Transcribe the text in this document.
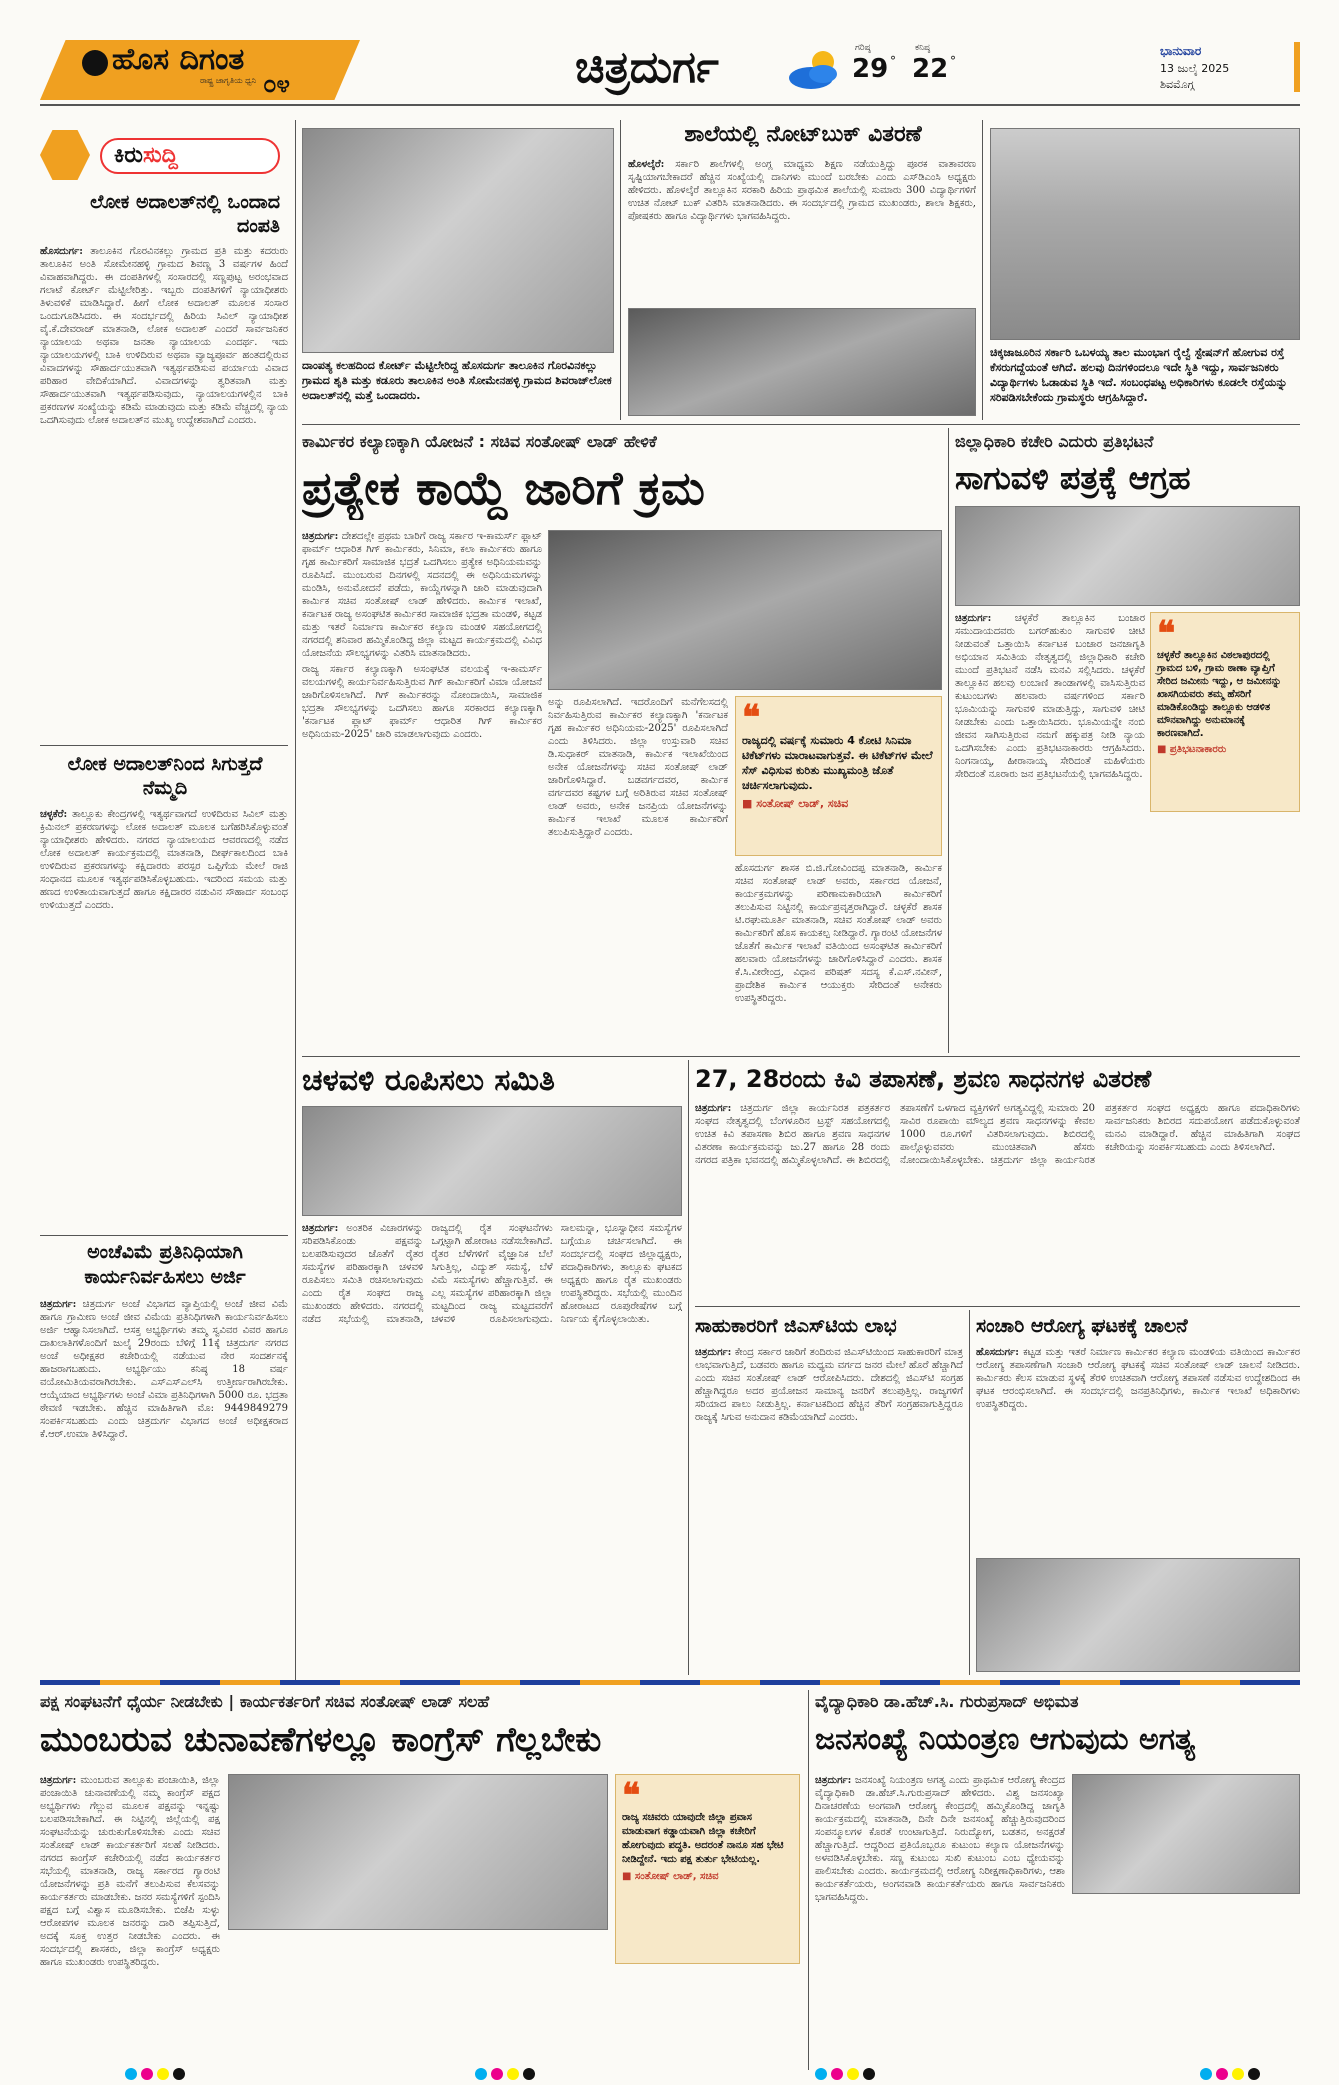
ಹೊಸ ದಿಗಂತ
ರಾಷ್ಟ್ರ ಜಾಗೃತಿಯ ಧ್ವನಿ ೦೪	ಚಿತ್ರದುರ್ಗ	ಗರಿಷ್ಠ
29 °
ಕನಿಷ್ಠ
22 °
ಭಾನುವಾರ
13 ಜುಲೈ 2025
ಶಿವಮೊಗ್ಗ
ಕಿರುಸುದ್ದಿ
ಲೋಕ ಅದಾಲತ್‌ನಲ್ಲಿ ಒಂದಾದ ದಂಪತಿ
ಹೊಸದುರ್ಗ: ತಾಲೂಕಿನ ಗೊರವಿನಕಲ್ಲು ಗ್ರಾಮದ ಪ್ರತಿ ಮತ್ತು ಕದರುರು ತಾಲೂಕಿನ ಅಂತಿ ಸೋಮೇನಹಳ್ಳಿ ಗ್ರಾಮದ ಶಿವಣ್ಣ 3 ವರ್ಷಗಳ ಹಿಂದೆ ವಿವಾಹವಾಗಿದ್ದರು. ಈ ದಂಪತಿಗಳಲ್ಲಿ ಸಂಸಾರದಲ್ಲಿ ಸಣ್ಣಪುಟ್ಟ ಅರಂಭವಾದ ಗಲಾಟೆ ಕೋರ್ಟ್ ಮೆಟ್ಟಿಲೇರಿತ್ತು. ಇಬ್ಬರು ದಂಪತಿಗಳಿಗೆ ನ್ಯಾಯಾಧೀಶರು ತಿಳುವಳಿಕೆ ಮಾಡಿಸಿದ್ದಾರೆ. ಹೀಗೆ ಲೋಕ ಅದಾಲತ್ ಮೂಲಕ ಸಂಸಾರ ಒಂದುಗೂಡಿಸಿದರು. ಈ ಸಂದರ್ಭದಲ್ಲಿ ಹಿರಿಯ ಸಿವಿಲ್ ನ್ಯಾಯಾಧೀಶ ವೈ.ಕೆ.ದೇವರಾಜ್ ಮಾತನಾಡಿ, ಲೋಕ ಅದಾಲತ್ ಎಂದರೆ ಸಾರ್ವಜನಿಕರ ನ್ಯಾಯಾಲಯ ಅಥವಾ ಜನತಾ ನ್ಯಾಯಾಲಯ ಎಂದರ್ಥ. ಇದು ನ್ಯಾಯಾಲಯಗಳಲ್ಲಿ ಬಾಕಿ ಉಳಿದಿರುವ ಅಥವಾ ವ್ಯಾಜ್ಯಪೂರ್ವ ಹಂತದಲ್ಲಿರುವ ವಿವಾದಗಳನ್ನು ಸೌಹಾರ್ದಯುತವಾಗಿ ಇತ್ಯರ್ಥಪಡಿಸುವ ಪರ್ಯಾಯ ವಿವಾದ ಪರಿಹಾರ ವೇದಿಕೆಯಾಗಿದೆ. ವಿವಾದಗಳನ್ನು ತ್ವರಿತವಾಗಿ ಮತ್ತು ಸೌಹಾರ್ದಯುತವಾಗಿ ಇತ್ಯರ್ಥಪಡಿಸುವುದು, ನ್ಯಾಯಾಲಯಗಳಲ್ಲಿನ ಬಾಕಿ ಪ್ರಕರಣಗಳ ಸಂಖ್ಯೆಯನ್ನು ಕಡಿಮೆ ಮಾಡುವುದು ಮತ್ತು ಕಡಿಮೆ ವೆಚ್ಚದಲ್ಲಿ ನ್ಯಾಯ ಒದಗಿಸುವುದು ಲೋಕ ಅದಾಲತ್‌ನ ಮುಖ್ಯ ಉದ್ದೇಶವಾಗಿದೆ ಎಂದರು.
ಲೋಕ ಅದಾಲತ್‌ನಿಂದ ಸಿಗುತ್ತದೆ ನೆಮ್ಮದಿ
ಚಳ್ಳಕೆರೆ: ತಾಲ್ಲೂಕು ಕೇಂದ್ರಗಳಲ್ಲಿ ಇತ್ಯರ್ಥವಾಗದೆ ಉಳಿದಿರುವ ಸಿವಿಲ್ ಮತ್ತು ಕ್ರಿಮಿನಲ್ ಪ್ರಕರಣಗಳನ್ನು ಲೋಕ ಅದಾಲತ್ ಮೂಲಕ ಬಗೆಹರಿಸಿಕೊಳ್ಳುವಂತೆ ನ್ಯಾಯಾಧೀಶರು ಹೇಳಿದರು. ನಗರದ ನ್ಯಾಯಾಲಯದ ಆವರಣದಲ್ಲಿ ನಡೆದ ಲೋಕ ಅದಾಲತ್ ಕಾರ್ಯಕ್ರಮದಲ್ಲಿ ಮಾತನಾಡಿ, ದೀರ್ಘಕಾಲದಿಂದ ಬಾಕಿ ಉಳಿದಿರುವ ಪ್ರಕರಣಗಳನ್ನು ಕಕ್ಷಿದಾರರು ಪರಸ್ಪರ ಒಪ್ಪಿಗೆಯ ಮೇಲೆ ರಾಜಿ ಸಂಧಾನದ ಮೂಲಕ ಇತ್ಯರ್ಥಪಡಿಸಿಕೊಳ್ಳಬಹುದು. ಇದರಿಂದ ಸಮಯ ಮತ್ತು ಹಣದ ಉಳಿತಾಯವಾಗುತ್ತದೆ ಹಾಗೂ ಕಕ್ಷಿದಾರರ ನಡುವಿನ ಸೌಹಾರ್ದ ಸಂಬಂಧ ಉಳಿಯುತ್ತದೆ ಎಂದರು.
ಅಂಚೆವಿಮೆ ಪ್ರತಿನಿಧಿಯಾಗಿ ಕಾರ್ಯನಿರ್ವಹಿಸಲು ಅರ್ಜಿ
ಚಿತ್ರದುರ್ಗ: ಚಿತ್ರದುರ್ಗ ಅಂಚೆ ವಿಭಾಗದ ವ್ಯಾಪ್ತಿಯಲ್ಲಿ ಅಂಚೆ ಜೀವ ವಿಮೆ ಹಾಗೂ ಗ್ರಾಮೀಣ ಅಂಚೆ ಜೀವ ವಿಮೆಯ ಪ್ರತಿನಿಧಿಗಳಾಗಿ ಕಾರ್ಯನಿರ್ವಹಿಸಲು ಅರ್ಜಿ ಆಹ್ವಾನಿಸಲಾಗಿದೆ. ಆಸಕ್ತ ಅಭ್ಯರ್ಥಿಗಳು ತಮ್ಮ ಸ್ವವಿವರ ವಿವರ ಹಾಗೂ ದಾಖಲಾತಿಗಳೊಂದಿಗೆ ಜುಲೈ 29ರಂದು ಬೆಳಿಗ್ಗೆ 11ಕ್ಕೆ ಚಿತ್ರದುರ್ಗ ನಗರದ ಅಂಚೆ ಅಧೀಕ್ಷಕರ ಕಚೇರಿಯಲ್ಲಿ ನಡೆಯುವ ನೇರ ಸಂದರ್ಶನಕ್ಕೆ ಹಾಜರಾಗಬಹುದು. ಅಭ್ಯರ್ಥಿಯು ಕನಿಷ್ಠ 18 ವರ್ಷ ವಯೋಮಿತಿಯವರಾಗಿರಬೇಕು. ಎಸ್‌ಎಸ್‌ಎಲ್‌ಸಿ ಉತ್ತೀರ್ಣರಾಗಿರಬೇಕು. ಆಯ್ಕೆಯಾದ ಅಭ್ಯರ್ಥಿಗಳು ಅಂಚೆ ವಿಮಾ ಪ್ರತಿನಿಧಿಗಳಾಗಿ 5000 ರೂ. ಭದ್ರತಾ ಠೇವಣಿ ಇಡಬೇಕು. ಹೆಚ್ಚಿನ ಮಾಹಿತಿಗಾಗಿ ಮೊ: 9449849279 ಸಂಪರ್ಕಿಸಬಹುದು ಎಂದು ಚಿತ್ರದುರ್ಗ ವಿಭಾಗದ ಅಂಚೆ ಅಧೀಕ್ಷಕರಾದ ಕೆ.ಆರ್.ಉಮಾ ತಿಳಿಸಿದ್ದಾರೆ.
ದಾಂಪತ್ಯ ಕಲಹದಿಂದ ಕೋರ್ಟ್ ಮೆಟ್ಟಿಲೇರಿದ್ದ ಹೊಸದುರ್ಗ ತಾಲೂಕಿನ ಗೊರವಿನಕಲ್ಲು ಗ್ರಾಮದ ಶೃತಿ ಮತ್ತು ಕಡೂರು ತಾಲೂಕಿನ ಅಂತಿ ಸೋಮೇನಹಳ್ಳಿ ಗ್ರಾಮದ ಶಿವರಾಜ್‌ಲೋಕ ಅದಾಲತ್‌ನಲ್ಲಿ ಮತ್ತೆ ಒಂದಾದರು.
ಶಾಲೆಯಲ್ಲಿ ನೋಟ್‌ಬುಕ್ ವಿತರಣೆ
ಹೊಳಲ್ಕೆರೆ: ಸರ್ಕಾರಿ ಶಾಲೆಗಳಲ್ಲಿ ಅಂಗ್ಲ ಮಾಧ್ಯಮ ಶಿಕ್ಷಣ ನಡೆಯುತ್ತಿದ್ದು ಪೂರಕ ವಾತಾವರಣ ಸೃಷ್ಟಿಯಾಗಬೇಕಾದರೆ ಹೆಚ್ಚಿನ ಸಂಖ್ಯೆಯಲ್ಲಿ ದಾನಿಗಳು ಮುಂದೆ ಬರಬೇಕು ಎಂದು ಎಸ್‌ಡಿಎಂಸಿ ಅಧ್ಯಕ್ಷರು ಹೇಳಿದರು. ಹೊಳಲ್ಕೆರೆ ತಾಲ್ಲೂಕಿನ ಸರಕಾರಿ ಹಿರಿಯ ಪ್ರಾಥಮಿಕ ಶಾಲೆಯಲ್ಲಿ ಸುಮಾರು 300 ವಿದ್ಯಾರ್ಥಿಗಳಿಗೆ ಉಚಿತ ನೋಟ್ ಬುಕ್ ವಿತರಿಸಿ ಮಾತನಾಡಿದರು. ಈ ಸಂದರ್ಭದಲ್ಲಿ ಗ್ರಾಮದ ಮುಖಂಡರು, ಶಾಲಾ ಶಿಕ್ಷಕರು, ಪೋಷಕರು ಹಾಗೂ ವಿದ್ಯಾರ್ಥಿಗಳು ಭಾಗವಹಿಸಿದ್ದರು.
ಚಿಕ್ಕಜಾಜೂರಿನ ಸರ್ಕಾರಿ ಒಬಳಯ್ಯ ತಾಲ ಮುಂಭಾಗ ರೈಲ್ವೆ ಸ್ಟೇಷನ್‌ಗೆ ಹೋಗುವ ರಸ್ತೆ ಕೆಸರುಗದ್ದೆಯಂತೆ ಆಗಿದೆ. ಹಲವು ದಿನಗಳಿಂದಲೂ ಇದೇ ಸ್ಥಿತಿ ಇದ್ದು, ಸಾರ್ವಜನಿಕರು ವಿದ್ಯಾರ್ಥಿಗಳು ಓಡಾಡುವ ಸ್ಥಿತಿ ಇದೆ. ಸಂಬಂಧಪಟ್ಟ ಅಧಿಕಾರಿಗಳು ಕೂಡಲೇ ರಸ್ತೆಯನ್ನು ಸರಿಪಡಿಸಬೇಕೆಂದು ಗ್ರಾಮಸ್ಥರು ಆಗ್ರಹಿಸಿದ್ದಾರೆ.
ಕಾರ್ಮಿಕರ ಕಲ್ಯಾಣಕ್ಕಾಗಿ ಯೋಜನೆ : ಸಚಿವ ಸಂತೋಷ್ ಲಾಡ್ ಹೇಳಿಕೆ
ಪ್ರತ್ಯೇಕ ಕಾಯ್ದೆ ಜಾರಿಗೆ ಕ್ರಮ

ಚಿತ್ರದುರ್ಗ: ದೇಶದಲ್ಲೇ ಪ್ರಥಮ ಬಾರಿಗೆ ರಾಜ್ಯ ಸರ್ಕಾರ ಇ-ಕಾಮರ್ಸ್ ಫ್ಲಾಟ್ ಫಾರ್ಮ್ ಆಧಾರಿತ ಗಿಗ್ ಕಾರ್ಮಿಕರು, ಸಿನಿಮಾ, ಕಲಾ ಕಾರ್ಮಿಕರು ಹಾಗೂ ಗೃಹ ಕಾರ್ಮಿಕರಿಗೆ ಸಾಮಾಜಿಕ ಭದ್ರತೆ ಒದಗಿಸಲು ಪ್ರತ್ಯೇಕ ಅಧಿನಿಯಮವನ್ನು ರೂಪಿಸಿದೆ. ಮುಂಬರುವ ದಿನಗಳಲ್ಲಿ ಸದನದಲ್ಲಿ ಈ ಅಧಿನಿಯಮಗಳನ್ನು ಮಂಡಿಸಿ, ಅನುಮೋದನೆ ಪಡೆದು, ಕಾಯ್ದೆಗಳನ್ನಾಗಿ ಜಾರಿ ಮಾಡುವುದಾಗಿ ಕಾರ್ಮಿಕ ಸಚಿವ ಸಂತೋಷ್ ಲಾಡ್ ಹೇಳಿದರು. ಕಾರ್ಮಿಕ ಇಲಾಖೆ, ಕರ್ನಾಟಕ ರಾಜ್ಯ ಅಸಂಘಟಿತ ಕಾರ್ಮಿಕರ ಸಾಮಾಜಿಕ ಭದ್ರತಾ ಮಂಡಳಿ, ಕಟ್ಟಡ ಮತ್ತು ಇತರೆ ನಿರ್ಮಾಣ ಕಾರ್ಮಿಕರ ಕಲ್ಯಾಣ ಮಂಡಳಿ ಸಹಯೋಗದಲ್ಲಿ ನಗರದಲ್ಲಿ ಶನಿವಾರ ಹಮ್ಮಿಕೊಂಡಿದ್ದ ಜಿಲ್ಲಾ ಮಟ್ಟದ ಕಾರ್ಯಕ್ರಮದಲ್ಲಿ ವಿವಿಧ ಯೋಜನೆಯ ಸೌಲಭ್ಯಗಳನ್ನು ವಿತರಿಸಿ ಮಾತನಾಡಿದರು.

ರಾಜ್ಯ ಸರ್ಕಾರ ಕಲ್ಯಾಣಕ್ಕಾಗಿ ಅಸಂಘಟಿತ ವಲಯಕ್ಕೆ ಇ-ಕಾಮರ್ಸ್ ವಲಯಗಳಲ್ಲಿ ಕಾರ್ಯನಿರ್ವಹಿಸುತ್ತಿರುವ ಗಿಗ್ ಕಾರ್ಮಿಕರಿಗೆ ವಿಮಾ ಯೋಜನೆ ಜಾರಿಗೊಳಿಸಲಾಗಿದೆ. ಗಿಗ್ ಕಾರ್ಮಿಕರನ್ನು ನೋಂದಾಯಿಸಿ, ಸಾಮಾಜಿಕ ಭದ್ರತಾ ಸೌಲಭ್ಯಗಳನ್ನು ಒದಗಿಸಲು ಹಾಗೂ ಸರಕಾರದ ಕಲ್ಯಾಣಕ್ಕಾಗಿ 'ಕರ್ನಾಟಕ ಪ್ಲಾಟ್ ಫಾರ್ಮ್ ಆಧಾರಿತ ಗಿಗ್ ಕಾರ್ಮಿಕರ ಅಧಿನಿಯಮ-2025' ಜಾರಿ ಮಾಡಲಾಗುವುದು ಎಂದರು.

ಅನ್ನು ರೂಪಿಸಲಾಗಿದೆ. ಇದರೊಂದಿಗೆ ಮನೆಗೆಲಸದಲ್ಲಿ ನಿರ್ವಹಿಸುತ್ತಿರುವ ಕಾರ್ಮಿಕರ ಕಲ್ಯಾಣಕ್ಕಾಗಿ 'ಕರ್ನಾಟಕ ಗೃಹ ಕಾರ್ಮಿಕರ ಅಧಿನಿಯಮ-2025' ರೂಪಿಸಲಾಗಿದೆ ಎಂದು ತಿಳಿಸಿದರು. ಜಿಲ್ಲಾ ಉಸ್ತುವಾರಿ ಸಚಿವ ಡಿ.ಸುಧಾಕರ್ ಮಾತನಾಡಿ, ಕಾರ್ಮಿಕ ಇಲಾಖೆಯಿಂದ ಅನೇಕ ಯೋಜನೆಗಳನ್ನು ಸಚಿವ ಸಂತೋಷ್ ಲಾಡ್ ಜಾರಿಗೊಳಿಸಿದ್ದಾರೆ. ಬಡವರ್ಗದವರ, ಕಾರ್ಮಿಕ ವರ್ಗದವರ ಕಷ್ಟಗಳ ಬಗ್ಗೆ ಅರಿತಿರುವ ಸಚಿವ ಸಂತೋಷ್ ಲಾಡ್ ಅವರು, ಅನೇಕ ಜನಪ್ರಿಯ ಯೋಜನೆಗಳನ್ನು ಕಾರ್ಮಿಕ ಇಲಾಖೆ ಮೂಲಕ ಕಾರ್ಮಿಕರಿಗೆ ತಲುಪಿಸುತ್ತಿದ್ದಾರೆ ಎಂದರು.
❝
ರಾಜ್ಯದಲ್ಲಿ ವರ್ಷಕ್ಕೆ ಸುಮಾರು 4 ಕೋಟಿ ಸಿನಿಮಾ ಟಿಕೆಟ್‌ಗಳು ಮಾರಾಟವಾಗುತ್ತವೆ. ಈ ಟಿಕೆಟ್‌ಗಳ ಮೇಲೆ ಸೆಸ್ ವಿಧಿಸುವ ಕುರಿತು ಮುಖ್ಯಮಂತ್ರಿ ಜೊತೆ ಚರ್ಚಿಸಲಾಗುವುದು.
■ ಸಂತೋಷ್ ಲಾಡ್, ಸಚಿವ
ಹೊಸದುರ್ಗ ಶಾಸಕ ಬಿ.ಜಿ.ಗೋವಿಂದಪ್ಪ ಮಾತನಾಡಿ, ಕಾರ್ಮಿಕ ಸಚಿವ ಸಂತೋಷ್ ಲಾಡ್ ಅವರು, ಸರ್ಕಾರದ ಯೋಜನೆ, ಕಾರ್ಯಕ್ರಮಗಳನ್ನು ಪರಿಣಾಮಕಾರಿಯಾಗಿ ಕಾರ್ಮಿಕರಿಗೆ ತಲುಪಿಸುವ ನಿಟ್ಟಿನಲ್ಲಿ ಕಾರ್ಯಪ್ರವೃತ್ತರಾಗಿದ್ದಾರೆ. ಚಳ್ಳಕೆರೆ ಶಾಸಕ ಟಿ.ರಘುಮೂರ್ತಿ ಮಾತನಾಡಿ, ಸಚಿವ ಸಂತೋಷ್ ಲಾಡ್ ಅವರು ಕಾರ್ಮಿಕರಿಗೆ ಹೊಸ ಕಾಯಕಲ್ಪ ನೀಡಿದ್ದಾರೆ. ಗ್ಯಾರಂಟಿ ಯೋಜನೆಗಳ ಜೊತೆಗೆ ಕಾರ್ಮಿಕ ಇಲಾಖೆ ವತಿಯಿಂದ ಅಸಂಘಟಿತ ಕಾರ್ಮಿಕರಿಗೆ ಹಲವಾರು ಯೋಜನೆಗಳನ್ನು ಜಾರಿಗೊಳಿಸಿದ್ದಾರೆ ಎಂದರು. ಶಾಸಕ ಕೆ.ಸಿ.ವೀರೇಂದ್ರ, ವಿಧಾನ ಪರಿಷತ್ ಸದಸ್ಯ ಕೆ.ಎಸ್.ನವೀನ್, ಪ್ರಾದೇಶಿಕ ಕಾರ್ಮಿಕ ಆಯುಕ್ತರು ಸೇರಿದಂತೆ ಅನೇಕರು ಉಪಸ್ಥಿತರಿದ್ದರು.
ಜಿಲ್ಲಾಧಿಕಾರಿ ಕಚೇರಿ ಎದುರು ಪ್ರತಿಭಟನೆ
ಸಾಗುವಳಿ ಪತ್ರಕ್ಕೆ ಆಗ್ರಹ
ಚಿತ್ರದುರ್ಗ: ಚಳ್ಳಕೆರೆ ತಾಲ್ಲೂಕಿನ ಬಂಜಾರ ಸಮುದಾಯದವರು ಬಗರ್‌ಹುಕುಂ ಸಾಗುವಳಿ ಚೀಟಿ ನೀಡುವಂತೆ ಒತ್ತಾಯಿಸಿ ಕರ್ನಾಟಕ ಬಂಜಾರ ಜನಜಾಗೃತಿ ಅಭಿಯಾನ ಸಮಿತಿಯ ನೇತೃತ್ವದಲ್ಲಿ ಜಿಲ್ಲಾಧಿಕಾರಿ ಕಚೇರಿ ಮುಂದೆ ಪ್ರತಿಭಟನೆ ನಡೆಸಿ ಮನವಿ ಸಲ್ಲಿಸಿದರು. ಚಳ್ಳಕೆರೆ ತಾಲ್ಲೂಕಿನ ಹಲವು ಲಂಬಾಣಿ ತಾಂಡಾಗಳಲ್ಲಿ ವಾಸಿಸುತ್ತಿರುವ ಕುಟುಂಬಗಳು ಹಲವಾರು ವರ್ಷಗಳಿಂದ ಸರ್ಕಾರಿ ಭೂಮಿಯನ್ನು ಸಾಗುವಳಿ ಮಾಡುತ್ತಿದ್ದು, ಸಾಗುವಳಿ ಚೀಟಿ ನೀಡಬೇಕು ಎಂದು ಒತ್ತಾಯಿಸಿದರು. ಭೂಮಿಯನ್ನೇ ನಂಬಿ ಜೀವನ ಸಾಗಿಸುತ್ತಿರುವ ನಮಗೆ ಹಕ್ಕುಪತ್ರ ನೀಡಿ ನ್ಯಾಯ ಒದಗಿಸಬೇಕು ಎಂದು ಪ್ರತಿಭಟನಾಕಾರರು ಆಗ್ರಹಿಸಿದರು. ನಿಂಗನಾಯ್ಕ, ಹೀರಾನಾಯ್ಕ ಸೇರಿದಂತೆ ಮಹಿಳೆಯರು ಸೇರಿದಂತೆ ನೂರಾರು ಜನ ಪ್ರತಿಭಟನೆಯಲ್ಲಿ ಭಾಗವಹಿಸಿದ್ದರು.
❝
ಚಳ್ಳಕೆರೆ ತಾಲ್ಲೂಕಿನ ವಿಠಲಾಪುರದಲ್ಲಿ ಗ್ರಾಮದ ಬಳಿ, ಗ್ರಾಮ ಠಾಣಾ ವ್ಯಾಪ್ತಿಗೆ ಸೇರಿದ ಜಮೀನು ಇದ್ದು, ಆ ಜಮೀನನ್ನು ಖಾಸಗಿಯವರು ತಮ್ಮ ಹೆಸರಿಗೆ ಮಾಡಿಕೊಂಡಿದ್ದು ತಾಲ್ಲೂಕು ಆಡಳಿತ ಮೌನವಾಗಿದ್ದು ಅನುಮಾನಕ್ಕೆ ಕಾರಣವಾಗಿದೆ.
■ ಪ್ರತಿಭಟನಾಕಾರರು
ಚಳವಳಿ ರೂಪಿಸಲು ಸಮಿತಿ
ಚಿತ್ರದುರ್ಗ: ಅಂತರಿಕ ವಿಚಾರಗಳನ್ನು ಸರಿಪಡಿಸಿಕೊಂಡು ಪಕ್ಷವನ್ನು ಬಲಪಡಿಸುವುದರ ಜೊತೆಗೆ ರೈತರ ಸಮಸ್ಯೆಗಳ ಪರಿಹಾರಕ್ಕಾಗಿ ಚಳವಳಿ ರೂಪಿಸಲು ಸಮಿತಿ ರಚಿಸಲಾಗುವುದು ಎಂದು ರೈತ ಸಂಘದ ರಾಜ್ಯ ಮುಖಂಡರು ಹೇಳಿದರು. ನಗರದಲ್ಲಿ ನಡೆದ ಸಭೆಯಲ್ಲಿ ಮಾತನಾಡಿ, ರಾಜ್ಯದಲ್ಲಿ ರೈತ ಸಂಘಟನೆಗಳು ಒಗ್ಗಟ್ಟಾಗಿ ಹೋರಾಟ ನಡೆಸಬೇಕಾಗಿದೆ. ರೈತರ ಬೆಳೆಗಳಿಗೆ ವೈಜ್ಞಾನಿಕ ಬೆಲೆ ಸಿಗುತ್ತಿಲ್ಲ, ವಿದ್ಯುತ್ ಸಮಸ್ಯೆ, ಬೆಳೆ ವಿಮೆ ಸಮಸ್ಯೆಗಳು ಹೆಚ್ಚಾಗುತ್ತಿವೆ. ಈ ಎಲ್ಲ ಸಮಸ್ಯೆಗಳ ಪರಿಹಾರಕ್ಕಾಗಿ ಜಿಲ್ಲಾ ಮಟ್ಟದಿಂದ ರಾಜ್ಯ ಮಟ್ಟದವರೆಗೆ ಚಳವಳಿ ರೂಪಿಸಲಾಗುವುದು. ಸಾಲಮನ್ನಾ, ಭೂಸ್ವಾಧೀನ ಸಮಸ್ಯೆಗಳ ಬಗ್ಗೆಯೂ ಚರ್ಚಿಸಲಾಗಿದೆ. ಈ ಸಂದರ್ಭದಲ್ಲಿ ಸಂಘದ ಜಿಲ್ಲಾಧ್ಯಕ್ಷರು, ಪದಾಧಿಕಾರಿಗಳು, ತಾಲ್ಲೂಕು ಘಟಕದ ಅಧ್ಯಕ್ಷರು ಹಾಗೂ ರೈತ ಮುಖಂಡರು ಉಪಸ್ಥಿತರಿದ್ದರು. ಸಭೆಯಲ್ಲಿ ಮುಂದಿನ ಹೋರಾಟದ ರೂಪುರೇಷೆಗಳ ಬಗ್ಗೆ ನಿರ್ಣಯ ಕೈಗೊಳ್ಳಲಾಯಿತು.
27, 28ರಂದು ಕಿವಿ ತಪಾಸಣೆ, ಶ್ರವಣ ಸಾಧನಗಳ ವಿತರಣೆ
ಚಿತ್ರದುರ್ಗ: ಚಿತ್ರದುರ್ಗ ಜಿಲ್ಲಾ ಕಾರ್ಯನಿರತ ಪತ್ರಕರ್ತರ ಸಂಘದ ನೇತೃತ್ವದಲ್ಲಿ ಬೆಂಗಳೂರಿನ ಟ್ರಸ್ಟ್ ಸಹಯೋಗದಲ್ಲಿ ಉಚಿತ ಕಿವಿ ತಪಾಸಣಾ ಶಿಬಿರ ಹಾಗೂ ಶ್ರವಣ ಸಾಧನಗಳ ವಿತರಣಾ ಕಾರ್ಯಕ್ರಮವನ್ನು ಜು.27 ಹಾಗೂ 28 ರಂದು ನಗರದ ಪತ್ರಿಕಾ ಭವನದಲ್ಲಿ ಹಮ್ಮಿಕೊಳ್ಳಲಾಗಿದೆ. ಈ ಶಿಬಿರದಲ್ಲಿ ತಪಾಸಣೆಗೆ ಒಳಗಾದ ವ್ಯಕ್ತಿಗಳಿಗೆ ಅಗತ್ಯವಿದ್ದಲ್ಲಿ ಸುಮಾರು 20 ಸಾವಿರ ರೂಪಾಯಿ ಮೌಲ್ಯದ ಶ್ರವಣ ಸಾಧನಗಳನ್ನು ಕೇವಲ 1000 ರೂ.ಗಳಿಗೆ ವಿತರಿಸಲಾಗುವುದು. ಶಿಬಿರದಲ್ಲಿ ಪಾಲ್ಗೊಳ್ಳುವವರು ಮುಂಚಿತವಾಗಿ ಹೆಸರು ನೋಂದಾಯಿಸಿಕೊಳ್ಳಬೇಕು. ಚಿತ್ರದುರ್ಗ ಜಿಲ್ಲಾ ಕಾರ್ಯನಿರತ ಪತ್ರಕರ್ತರ ಸಂಘದ ಅಧ್ಯಕ್ಷರು ಹಾಗೂ ಪದಾಧಿಕಾರಿಗಳು ಸಾರ್ವಜನಿಕರು ಶಿಬಿರದ ಸದುಪಯೋಗ ಪಡೆದುಕೊಳ್ಳುವಂತೆ ಮನವಿ ಮಾಡಿದ್ದಾರೆ. ಹೆಚ್ಚಿನ ಮಾಹಿತಿಗಾಗಿ ಸಂಘದ ಕಚೇರಿಯನ್ನು ಸಂಪರ್ಕಿಸಬಹುದು ಎಂದು ತಿಳಿಸಲಾಗಿದೆ.
ಸಾಹುಕಾರರಿಗೆ ಜಿಎಸ್‌ಟಿಯ ಲಾಭ
ಚಿತ್ರದುರ್ಗ: ಕೇಂದ್ರ ಸರ್ಕಾರ ಜಾರಿಗೆ ತಂದಿರುವ ಜಿಎಸ್‌ಟಿಯಿಂದ ಸಾಹುಕಾರರಿಗೆ ಮಾತ್ರ ಲಾಭವಾಗುತ್ತಿದೆ, ಬಡವರು ಹಾಗೂ ಮಧ್ಯಮ ವರ್ಗದ ಜನರ ಮೇಲೆ ಹೊರೆ ಹೆಚ್ಚಾಗಿದೆ ಎಂದು ಸಚಿವ ಸಂತೋಷ್ ಲಾಡ್ ಆರೋಪಿಸಿದರು. ದೇಶದಲ್ಲಿ ಜಿಎಸ್‌ಟಿ ಸಂಗ್ರಹ ಹೆಚ್ಚಾಗಿದ್ದರೂ ಅದರ ಪ್ರಯೋಜನ ಸಾಮಾನ್ಯ ಜನರಿಗೆ ತಲುಪುತ್ತಿಲ್ಲ. ರಾಜ್ಯಗಳಿಗೆ ಸರಿಯಾದ ಪಾಲು ನೀಡುತ್ತಿಲ್ಲ. ಕರ್ನಾಟಕದಿಂದ ಹೆಚ್ಚಿನ ತೆರಿಗೆ ಸಂಗ್ರಹವಾಗುತ್ತಿದ್ದರೂ ರಾಜ್ಯಕ್ಕೆ ಸಿಗುವ ಅನುದಾನ ಕಡಿಮೆಯಾಗಿದೆ ಎಂದರು.
ಸಂಚಾರಿ ಆರೋಗ್ಯ ಘಟಕಕ್ಕೆ ಚಾಲನೆ
ಹೊಸದುರ್ಗ: ಕಟ್ಟಡ ಮತ್ತು ಇತರೆ ನಿರ್ಮಾಣ ಕಾರ್ಮಿಕರ ಕಲ್ಯಾಣ ಮಂಡಳಿಯ ವತಿಯಿಂದ ಕಾರ್ಮಿಕರ ಆರೋಗ್ಯ ತಪಾಸಣೆಗಾಗಿ ಸಂಚಾರಿ ಆರೋಗ್ಯ ಘಟಕಕ್ಕೆ ಸಚಿವ ಸಂತೋಷ್ ಲಾಡ್ ಚಾಲನೆ ನೀಡಿದರು. ಕಾರ್ಮಿಕರು ಕೆಲಸ ಮಾಡುವ ಸ್ಥಳಕ್ಕೆ ತೆರಳಿ ಉಚಿತವಾಗಿ ಆರೋಗ್ಯ ತಪಾಸಣೆ ನಡೆಸುವ ಉದ್ದೇಶದಿಂದ ಈ ಘಟಕ ಆರಂಭಿಸಲಾಗಿದೆ. ಈ ಸಂದರ್ಭದಲ್ಲಿ ಜನಪ್ರತಿನಿಧಿಗಳು, ಕಾರ್ಮಿಕ ಇಲಾಖೆ ಅಧಿಕಾರಿಗಳು ಉಪಸ್ಥಿತರಿದ್ದರು.
ಪಕ್ಷ ಸಂಘಟನೆಗೆ ಧೈರ್ಯ ನೀಡಬೇಕು | ಕಾರ್ಯಕರ್ತರಿಗೆ ಸಚಿವ ಸಂತೋಷ್ ಲಾಡ್ ಸಲಹೆ
ಮುಂಬರುವ ಚುನಾವಣೆಗಳಲ್ಲೂ ಕಾಂಗ್ರೆಸ್ ಗೆಲ್ಲಬೇಕು
ಚಿತ್ರದುರ್ಗ: ಮುಂಬರುವ ತಾಲ್ಲೂಕು ಪಂಚಾಯಿತಿ, ಜಿಲ್ಲಾ ಪಂಚಾಯಿತಿ ಚುನಾವಣೆಯಲ್ಲಿ ನಮ್ಮ ಕಾಂಗ್ರೆಸ್ ಪಕ್ಷದ ಅಭ್ಯರ್ಥಿಗಳು ಗೆಲ್ಲುವ ಮೂಲಕ ಪಕ್ಷವನ್ನು ಇನ್ನಷ್ಟು ಬಲಪಡಿಸಬೇಕಾಗಿದೆ. ಈ ನಿಟ್ಟಿನಲ್ಲಿ ಜಿಲ್ಲೆಯಲ್ಲಿ ಪಕ್ಷ ಸಂಘಟನೆಯನ್ನು ಚುರುಕುಗೊಳಿಸಬೇಕು ಎಂದು ಸಚಿವ ಸಂತೋಷ್ ಲಾಡ್ ಕಾರ್ಯಕರ್ತರಿಗೆ ಸಲಹೆ ನೀಡಿದರು. ನಗರದ ಕಾಂಗ್ರೆಸ್ ಕಚೇರಿಯಲ್ಲಿ ನಡೆದ ಕಾರ್ಯಕರ್ತರ ಸಭೆಯಲ್ಲಿ ಮಾತನಾಡಿ, ರಾಜ್ಯ ಸರ್ಕಾರದ ಗ್ಯಾರಂಟಿ ಯೋಜನೆಗಳನ್ನು ಪ್ರತಿ ಮನೆಗೆ ತಲುಪಿಸುವ ಕೆಲಸವನ್ನು ಕಾರ್ಯಕರ್ತರು ಮಾಡಬೇಕು. ಜನರ ಸಮಸ್ಯೆಗಳಿಗೆ ಸ್ಪಂದಿಸಿ ಪಕ್ಷದ ಬಗ್ಗೆ ವಿಶ್ವಾಸ ಮೂಡಿಸಬೇಕು. ಬಿಜೆಪಿ ಸುಳ್ಳು ಆರೋಪಗಳ ಮೂಲಕ ಜನರನ್ನು ದಾರಿ ತಪ್ಪಿಸುತ್ತಿದೆ, ಅದಕ್ಕೆ ಸೂಕ್ತ ಉತ್ತರ ನೀಡಬೇಕು ಎಂದರು. ಈ ಸಂದರ್ಭದಲ್ಲಿ ಶಾಸಕರು, ಜಿಲ್ಲಾ ಕಾಂಗ್ರೆಸ್ ಅಧ್ಯಕ್ಷರು ಹಾಗೂ ಮುಖಂಡರು ಉಪಸ್ಥಿತರಿದ್ದರು.
❝
ರಾಜ್ಯ ಸಚಿವರು ಯಾವುದೇ ಜಿಲ್ಲಾ ಪ್ರವಾಸ ಮಾಡುವಾಗ ಕಡ್ಡಾಯವಾಗಿ ಜಿಲ್ಲಾ ಕಚೇರಿಗೆ ಹೋಗುವುದು ಪದ್ಧತಿ. ಅದರಂತೆ ನಾನೂ ಸಹ ಭೇಟಿ ನೀಡಿದ್ದೇನೆ. ಇದು ಪಕ್ಷ ತುರ್ತು ಭೇಟಿಯಲ್ಲ.
■ ಸಂತೋಷ್ ಲಾಡ್, ಸಚಿವ
ವೈದ್ಯಾಧಿಕಾರಿ ಡಾ.ಹೆಚ್.ಸಿ. ಗುರುಪ್ರಸಾದ್ ಅಭಿಮತ
ಜನಸಂಖ್ಯೆ ನಿಯಂತ್ರಣ ಆಗುವುದು ಅಗತ್ಯ
ಚಿತ್ರದುರ್ಗ: ಜನಸಂಖ್ಯೆ ನಿಯಂತ್ರಣ ಅಗತ್ಯ ಎಂದು ಪ್ರಾಥಮಿಕ ಆರೋಗ್ಯ ಕೇಂದ್ರದ ವೈದ್ಯಾಧಿಕಾರಿ ಡಾ.ಹೆಚ್.ಸಿ.ಗುರುಪ್ರಸಾದ್ ಹೇಳಿದರು. ವಿಶ್ವ ಜನಸಂಖ್ಯಾ ದಿನಾಚರಣೆಯ ಅಂಗವಾಗಿ ಆರೋಗ್ಯ ಕೇಂದ್ರದಲ್ಲಿ ಹಮ್ಮಿಕೊಂಡಿದ್ದ ಜಾಗೃತಿ ಕಾರ್ಯಕ್ರಮದಲ್ಲಿ ಮಾತನಾಡಿ, ದಿನೇ ದಿನೇ ಜನಸಂಖ್ಯೆ ಹೆಚ್ಚುತ್ತಿರುವುದರಿಂದ ಸಂಪನ್ಮೂಲಗಳ ಕೊರತೆ ಉಂಟಾಗುತ್ತಿದೆ. ನಿರುದ್ಯೋಗ, ಬಡತನ, ಅನಕ್ಷರತೆ ಹೆಚ್ಚಾಗುತ್ತಿದೆ. ಆದ್ದರಿಂದ ಪ್ರತಿಯೊಬ್ಬರೂ ಕುಟುಂಬ ಕಲ್ಯಾಣ ಯೋಜನೆಗಳನ್ನು ಅಳವಡಿಸಿಕೊಳ್ಳಬೇಕು. ಸಣ್ಣ ಕುಟುಂಬ ಸುಖಿ ಕುಟುಂಬ ಎಂಬ ಧ್ಯೇಯವನ್ನು ಪಾಲಿಸಬೇಕು ಎಂದರು. ಕಾರ್ಯಕ್ರಮದಲ್ಲಿ ಆರೋಗ್ಯ ನಿರೀಕ್ಷಣಾಧಿಕಾರಿಗಳು, ಆಶಾ ಕಾರ್ಯಕರ್ತೆಯರು, ಅಂಗನವಾಡಿ ಕಾರ್ಯಕರ್ತೆಯರು ಹಾಗೂ ಸಾರ್ವಜನಿಕರು ಭಾಗವಹಿಸಿದ್ದರು.
